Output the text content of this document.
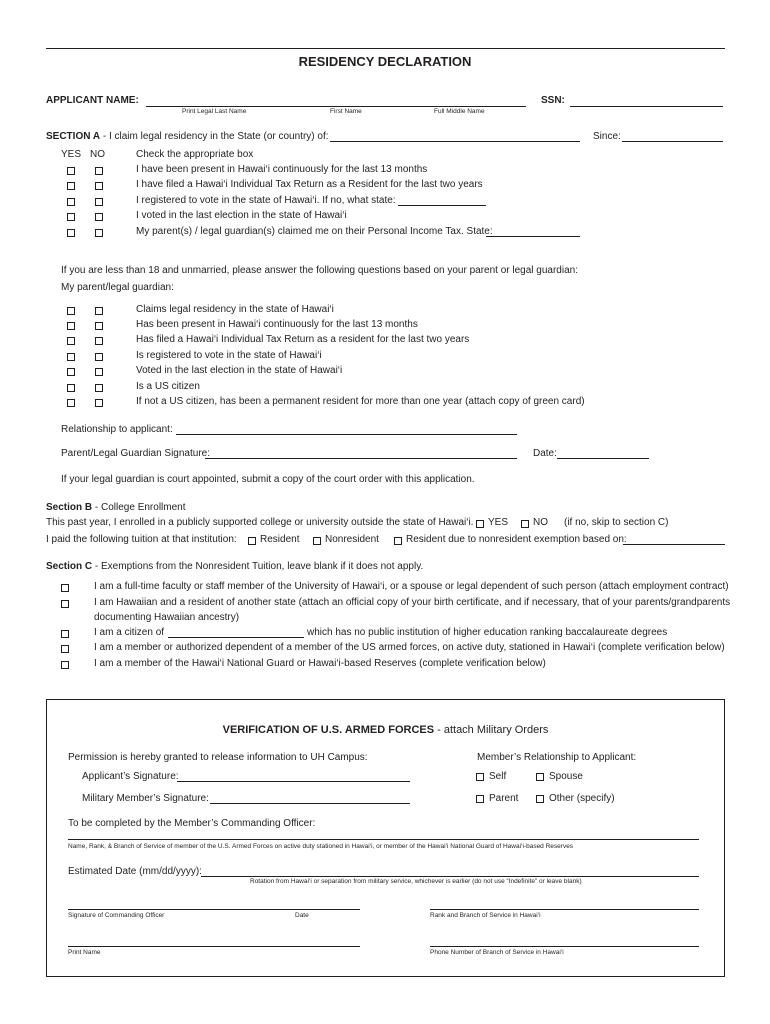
RESIDENCY DECLARATION
APPLICANT NAME:
Print Legal Last Name	First Name	Full Middle Name
SSN:
SECTION A - I claim legal residency in the State (or country) of:	Since:
YES NO	Check the appropriate box
I have been present in Hawai‘i continuously for the last 13 months
I have filed a Hawai‘i Individual Tax Return as a Resident for the last two years
I registered to vote in the state of Hawai‘i. If no, what state:
I voted in the last election in the state of Hawai‘i
My parent(s) / legal guardian(s) claimed me on their Personal Income Tax. State:
If you are less than 18 and unmarried, please answer the following questions based on your parent or legal guardian:
My parent/legal guardian:
Claims legal residency in the state of Hawai‘i
Has been present in Hawai‘i continuously for the last 13 months
Has filed a Hawai‘i Individual Tax Return as a resident for the last two years
Is registered to vote in the state of Hawai‘i
Voted in the last election in the state of Hawai‘i
Is a US citizen
If not a US citizen, has been a permanent resident for more than one year (attach copy of green card)
Relationship to applicant:
Parent/Legal Guardian Signature:	Date:
If your legal guardian is court appointed, submit a copy of the court order with this application.
Section B - College Enrollment
This past year, I enrolled in a publicly supported college or university outside the state of Hawai‘i. YES NO (if no, skip to section C)
I paid the following tuition at that institution: Resident	Nonresident	Resident due to nonresident exemption based on:
Section C - Exemptions from the Nonresident Tuition, leave blank if it does not apply.
I am a full-time faculty or staff member of the University of Hawai‘i, or a spouse or legal dependent of such person (attach employment contract)
I am Hawaiian and a resident of another state (attach an official copy of your birth certificate, and if necessary, that of your parents/grandparents
documenting Hawaiian ancestry)
I am a citizen of	which has no public institution of higher education ranking baccalaureate degrees
I am a member or authorized dependent of a member of the US armed forces, on active duty, stationed in Hawai‘i (complete verification below)
I am a member of the Hawai‘i National Guard or Hawai‘i-based Reserves (complete verification below)
VERIFICATION OF U.S. ARMED FORCES - attach Military Orders
Permission is hereby granted to release information to UH Campus:	Member’s Relationship to Applicant:
Applicant’s Signature:	Self	Spouse
Military Member’s Signature:	Parent	Other (specify)
To be completed by the Member’s Commanding Officer:
Name, Rank, & Branch of Service of member of the U.S. Armed Forces on active duty stationed in Hawai‘i, or member of the Hawai‘i National Guard of Hawai‘i-based Reserves
Estimated Date (mm/dd/yyyy):
Rotation from Hawai‘i or separation from military service, whichever is earlier (do not use “Indefinite” or leave blank)
Signature of Commanding Officer	Date	Rank and Branch of Service in Hawai‘i
Print Name	Phone Number of Branch of Service in Hawai‘i
